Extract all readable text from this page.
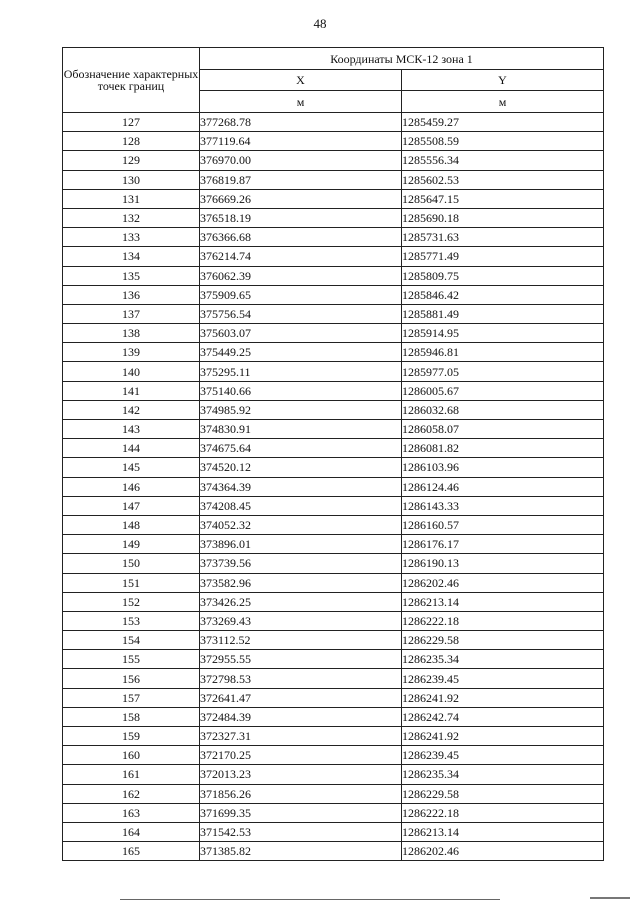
48
Обозначение характерных точек границ	Координаты МСК-12 зона 1	
	X	Y
	м	м
127	377268.78	1285459.27
128	377119.64	1285508.59
129	376970.00	1285556.34
130	376819.87	1285602.53
131	376669.26	1285647.15
132	376518.19	1285690.18
133	376366.68	1285731.63
134	376214.74	1285771.49
135	376062.39	1285809.75
136	375909.65	1285846.42
137	375756.54	1285881.49
138	375603.07	1285914.95
139	375449.25	1285946.81
140	375295.11	1285977.05
141	375140.66	1286005.67
142	374985.92	1286032.68
143	374830.91	1286058.07
144	374675.64	1286081.82
145	374520.12	1286103.96
146	374364.39	1286124.46
147	374208.45	1286143.33
148	374052.32	1286160.57
149	373896.01	1286176.17
150	373739.56	1286190.13
151	373582.96	1286202.46
152	373426.25	1286213.14
153	373269.43	1286222.18
154	373112.52	1286229.58
155	372955.55	1286235.34
156	372798.53	1286239.45
157	372641.47	1286241.92
158	372484.39	1286242.74
159	372327.31	1286241.92
160	372170.25	1286239.45
161	372013.23	1286235.34
162	371856.26	1286229.58
163	371699.35	1286222.18
164	371542.53	1286213.14
165	371385.82	1286202.46
